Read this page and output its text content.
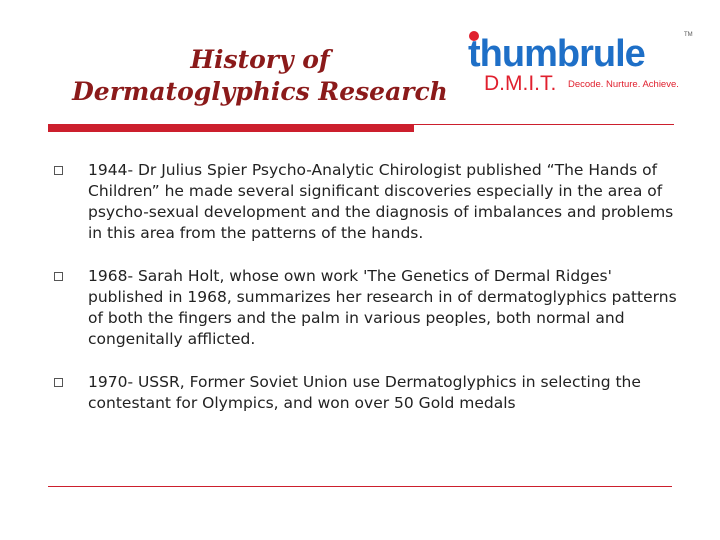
History of
Dermatoglyphics Research
thumbrule	TM
D.M.I.T. Decode. Nurture. Achieve.
1944- Dr Julius Spier Psycho-Analytic Chirologist published “The Hands of Children” he made several significant discoveries especially in the area of psycho-sexual development and the diagnosis of imbalances and problems in this area from the patterns of the hands.
1968- Sarah Holt, whose own work 'The Genetics of Dermal Ridges' published in 1968, summarizes her research in of dermatoglyphics patterns of both the fingers and the palm in various peoples, both normal and congenitally afflicted.
1970- USSR, Former Soviet Union use Dermatoglyphics in selecting the contestant for Olympics, and won over 50 Gold medals
